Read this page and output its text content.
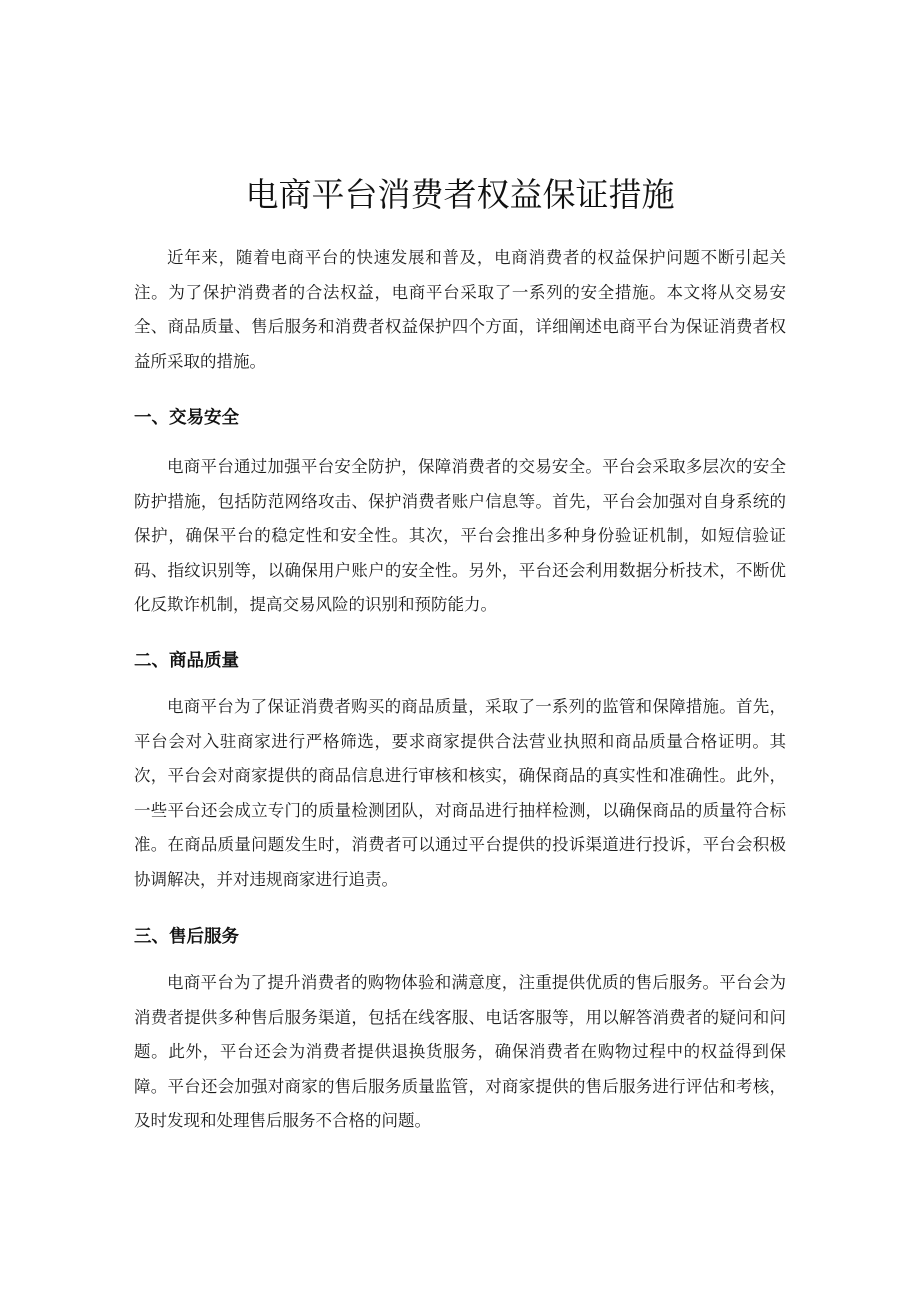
电商平台消费者权益保证措施

近年来，随着电商平台的快速发展和普及，电商消费者的权益保护问题不断引起关注。为了保护消费者的合法权益，电商平台采取了一系列的安全措施。本文将从交易安全、商品质量、售后服务和消费者权益保护四个方面，详细阐述电商平台为保证消费者权益所采取的措施。

一、交易安全

电商平台通过加强平台安全防护，保障消费者的交易安全。平台会采取多层次的安全防护措施，包括防范网络攻击、保护消费者账户信息等。首先，平台会加强对自身系统的保护，确保平台的稳定性和安全性。其次，平台会推出多种身份验证机制，如短信验证码、指纹识别等，以确保用户账户的安全性。另外，平台还会利用数据分析技术，不断优化反欺诈机制，提高交易风险的识别和预防能力。

二、商品质量

电商平台为了保证消费者购买的商品质量，采取了一系列的监管和保障措施。首先，平台会对入驻商家进行严格筛选，要求商家提供合法营业执照和商品质量合格证明。其次，平台会对商家提供的商品信息进行审核和核实，确保商品的真实性和准确性。此外，一些平台还会成立专门的质量检测团队，对商品进行抽样检测，以确保商品的质量符合标准。在商品质量问题发生时，消费者可以通过平台提供的投诉渠道进行投诉，平台会积极协调解决，并对违规商家进行追责。

三、售后服务

电商平台为了提升消费者的购物体验和满意度，注重提供优质的售后服务。平台会为消费者提供多种售后服务渠道，包括在线客服、电话客服等，用以解答消费者的疑问和问题。此外，平台还会为消费者提供退换货服务，确保消费者在购物过程中的权益得到保障。平台还会加强对商家的售后服务质量监管，对商家提供的售后服务进行评估和考核，及时发现和处理售后服务不合格的问题。
